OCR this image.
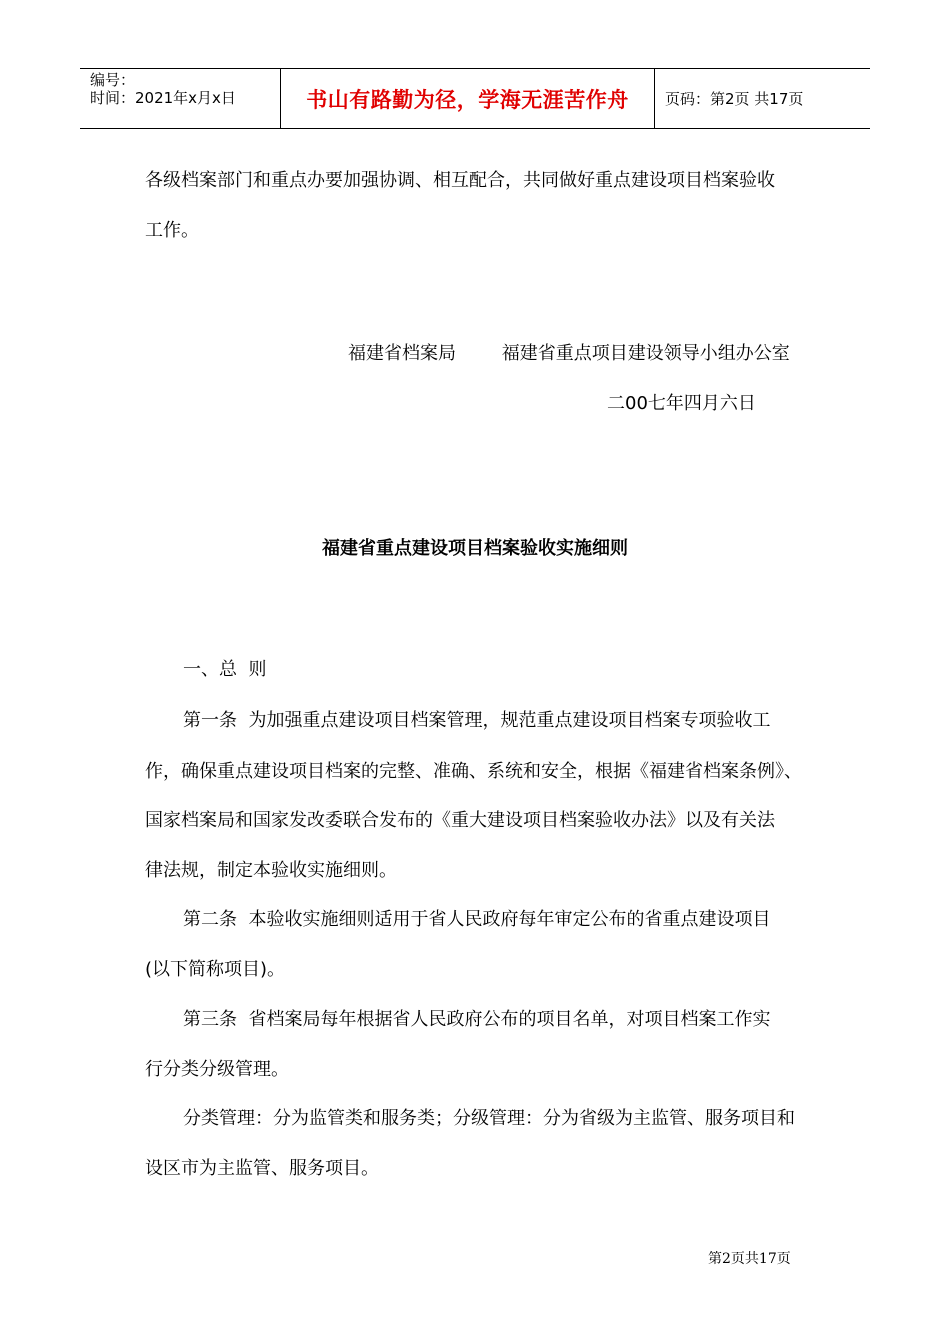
编号：
时间：2021年x月x日	书山有路勤为径，学海无涯苦作舟	页码：第2页 共17页
各级档案部门和重点办要加强协调、相互配合，共同做好重点建设项目档案验收
工作。
福建省档案局        福建省重点项目建设领导小组办公室
二00七年四月六日
福建省重点建设项目档案验收实施细则
一、总  则
第一条  为加强重点建设项目档案管理，规范重点建设项目档案专项验收工
作，确保重点建设项目档案的完整、准确、系统和安全，根据《福建省档案条例》、
国家档案局和国家发改委联合发布的《重大建设项目档案验收办法》以及有关法
律法规，制定本验收实施细则。
第二条  本验收实施细则适用于省人民政府每年审定公布的省重点建设项目
(以下简称项目)。
第三条  省档案局每年根据省人民政府公布的项目名单，对项目档案工作实
行分类分级管理。
分类管理：分为监管类和服务类；分级管理：分为省级为主监管、服务项目和
设区市为主监管、服务项目。
第2页共17页
